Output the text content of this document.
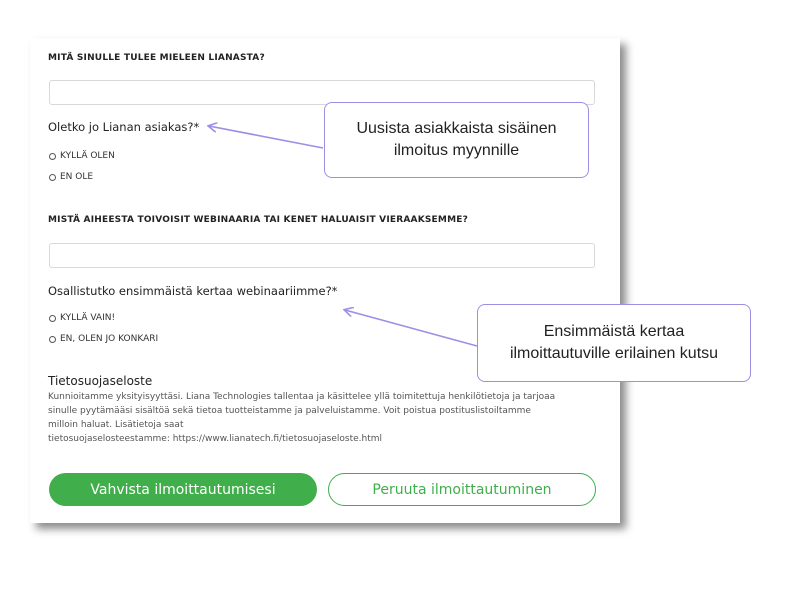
MITÄ SINULLE TULEE MIELEEN LIANASTA?
Oletko jo Lianan asiakas?*
KYLLÄ OLEN
EN OLE
MISTÄ AIHEESTA TOIVOISIT WEBINAARIA TAI KENET HALUAISIT VIERAAKSEMME?
Osallistutko ensimmäistä kertaa webinaariimme?*
KYLLÄ VAIN!
EN, OLEN JO KONKARI
Tietosuojaseloste
Kunnioitamme yksityisyyttäsi. Liana Technologies tallentaa ja käsittelee yllä toimitettuja henkilötietoja ja tarjoaa
sinulle pyytämääsi sisältöä sekä tietoa tuotteistamme ja palveluistamme. Voit poistua postituslistoiltamme
milloin haluat. Lisätietoja saat
tietosuojaselosteestamme: https://www.lianatech.fi/tietosuojaseloste.html
Vahvista ilmoittautumisesi	Peruuta ilmoittautuminen
Uusista asiakkaista sisäinen
ilmoitus myynnille
Ensimmäistä kertaa
ilmoittautuville erilainen kutsu
